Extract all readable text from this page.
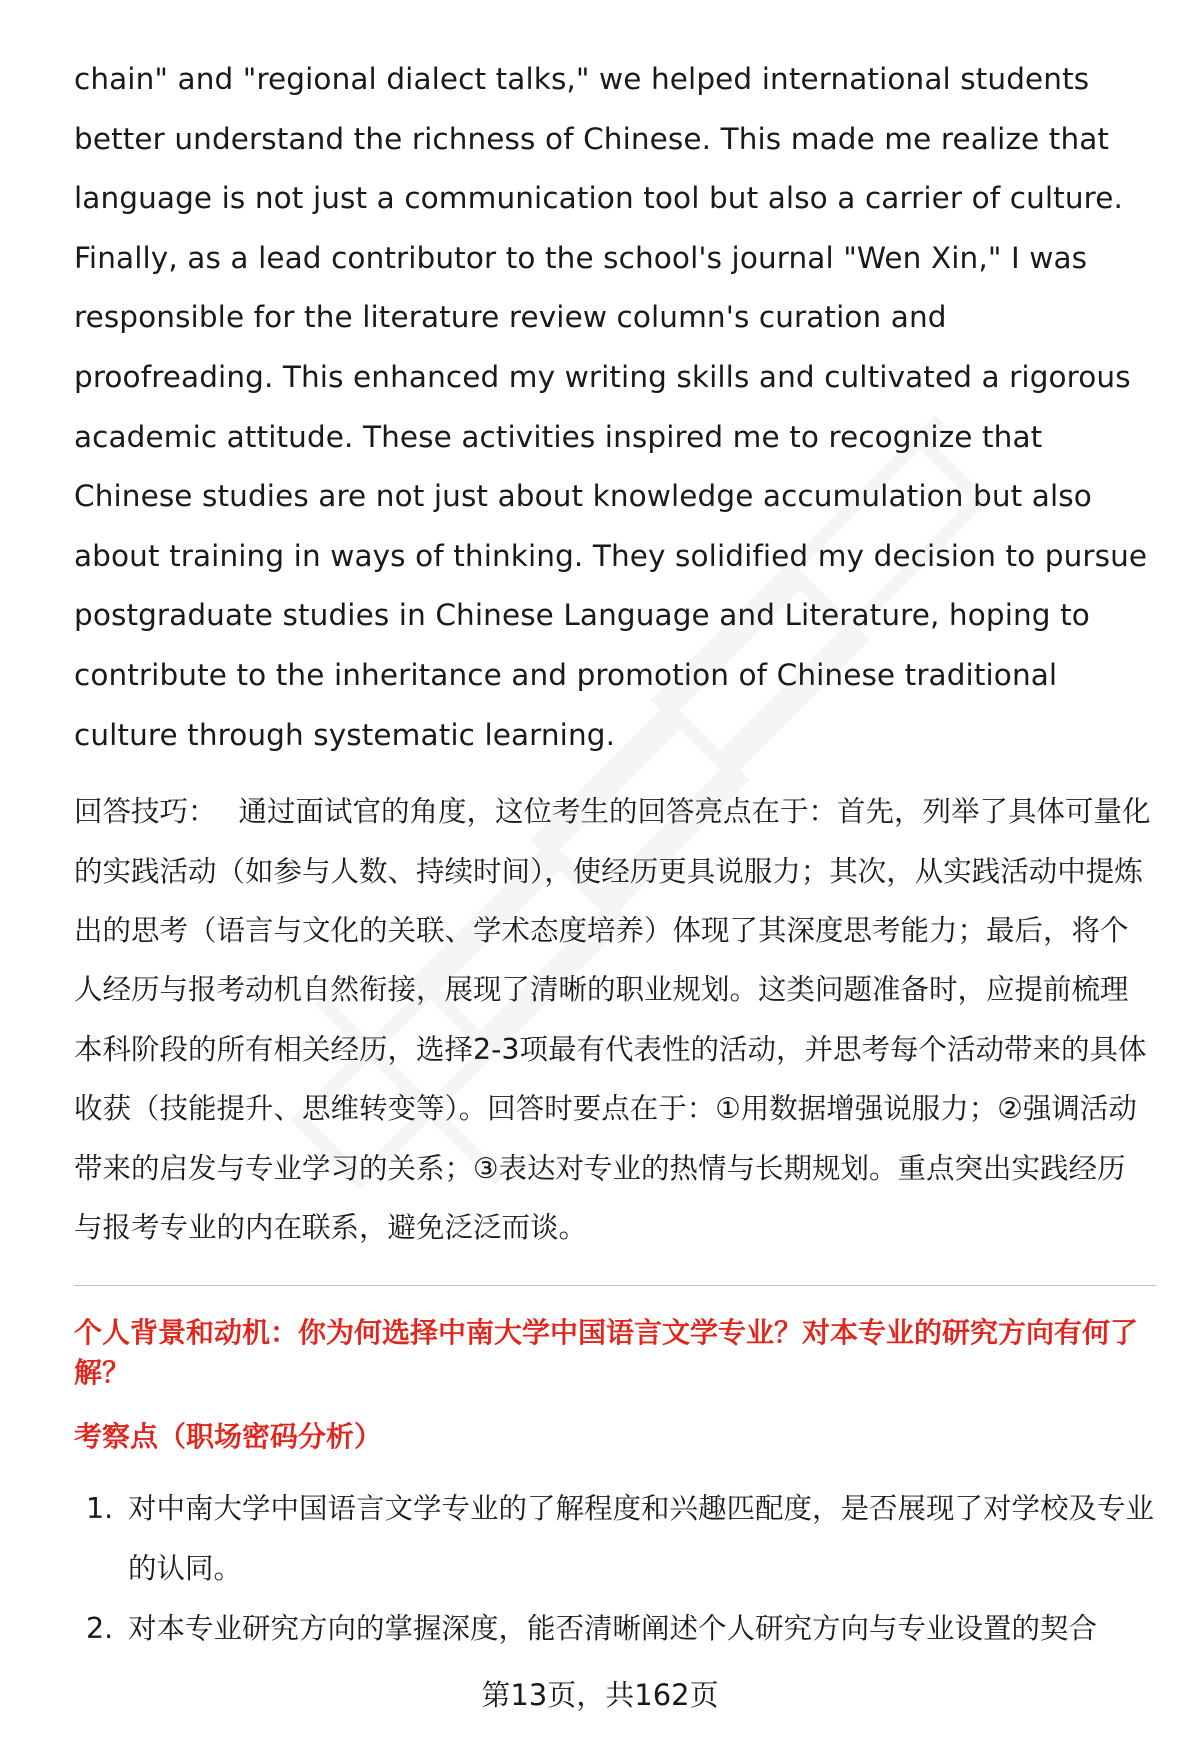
chain" and "regional dialect talks," we helped international students better understand the richness of Chinese. This made me realize that language is not just a communication tool but also a carrier of culture. Finally, as a lead contributor to the school's journal "Wen Xin," I was responsible for the literature review column's curation and proofreading. This enhanced my writing skills and cultivated a rigorous academic attitude. These activities inspired me to recognize that Chinese studies are not just about knowledge accumulation but also about training in ways of thinking. They solidified my decision to pursue postgraduate studies in Chinese Language and Literature, hoping to contribute to the inheritance and promotion of Chinese traditional culture through systematic learning.

回答技巧： 通过面试官的角度，这位考生的回答亮点在于：首先，列举了具体可量化的实践活动（如参与人数、持续时间），使经历更具说服力；其次，从实践活动中提炼出的思考（语言与文化的关联、学术态度培养）体现了其深度思考能力；最后，将个人经历与报考动机自然衔接，展现了清晰的职业规划。这类问题准备时，应提前梳理本科阶段的所有相关经历，选择2-3项最有代表性的活动，并思考每个活动带来的具体收获（技能提升、思维转变等）。回答时要点在于：①用数据增强说服力；②强调活动带来的启发与专业学习的关系；③表达对专业的热情与长期规划。重点突出实践经历与报考专业的内在联系，避免泛泛而谈。
个人背景和动机：你为何选择中南大学中国语言文学专业？对本专业的研究方向有何了解？
考察点（职场密码分析）
1. 对中南大学中国语言文学专业的了解程度和兴趣匹配度，是否展现了对学校及专业的认同。
2. 对本专业研究方向的掌握深度，能否清晰阐述个人研究方向与专业设置的契合
第13页，共162页
